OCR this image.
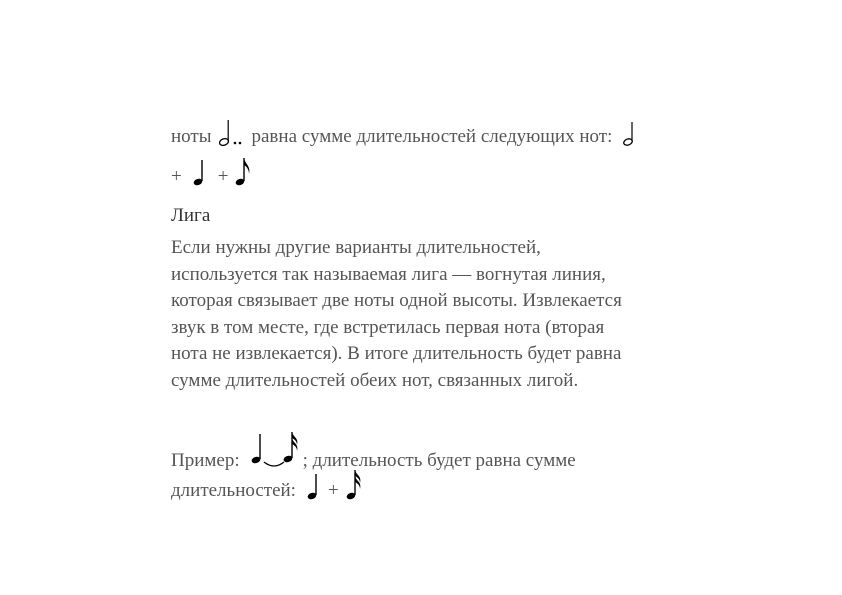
ноты равна сумме длительностей следующих нот:
+ +
Лига
Если нужны другие варианты длительностей,
используется так называемая лига — вогнутая линия,
которая связывает две ноты одной высоты. Извлекается
звук в том месте, где встретилась первая нота (вторая
нота не извлекается). В итоге длительность будет равна
сумме длительностей обеих нот, связанных лигой.
Пример:	; длительность будет равна сумме
длительностей: +
